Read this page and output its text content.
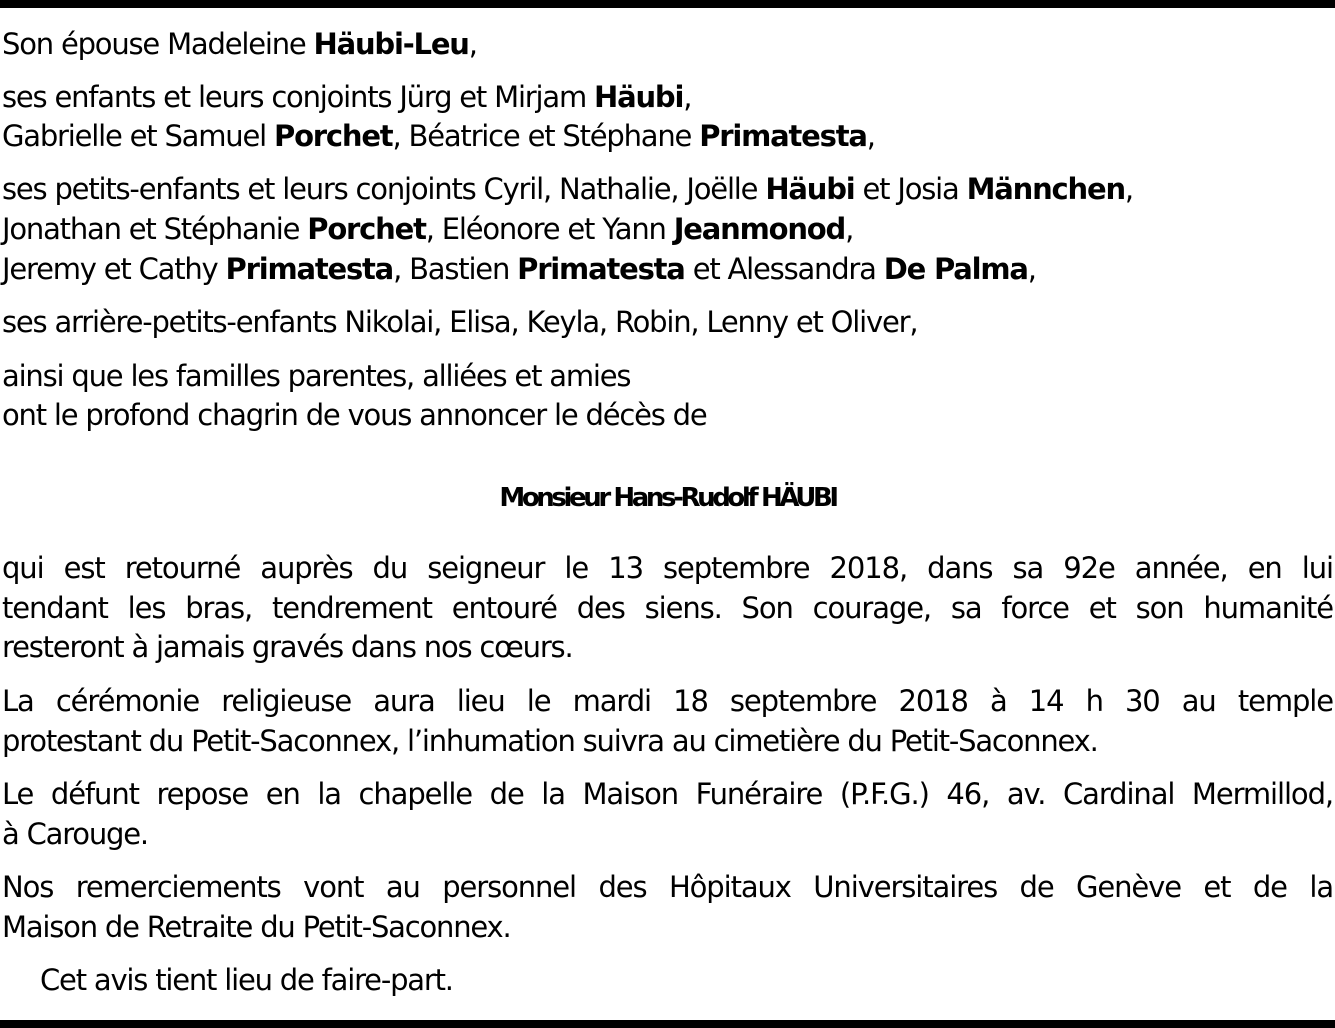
Son épouse Madeleine Häubi-Leu,
ses enfants et leurs conjoints Jürg et Mirjam Häubi,
Gabrielle et Samuel Porchet, Béatrice et Stéphane Primatesta,
ses petits-enfants et leurs conjoints Cyril, Nathalie, Joëlle Häubi et Josia Männchen,
Jonathan et Stéphanie Porchet, Eléonore et Yann Jeanmonod,
Jeremy et Cathy Primatesta, Bastien Primatesta et Alessandra De Palma,
ses arrière-petits-enfants Nikolai, Elisa, Keyla, Robin, Lenny et Oliver,
ainsi que les familles parentes, alliées et amies
ont le profond chagrin de vous annoncer le décès de
Monsieur Hans-Rudolf HÄUBI
qui est retourné auprès du seigneur le 13 septembre 2018, dans sa 92e année, en lui
tendant les bras, tendrement entouré des siens. Son courage, sa force et son humanité
resteront à jamais gravés dans nos cœurs.
La cérémonie religieuse aura lieu le mardi 18 septembre 2018 à 14 h 30 au temple
protestant du Petit-Saconnex, l’inhumation suivra au cimetière du Petit-Saconnex.
Le défunt repose en la chapelle de la Maison Funéraire (P.F.G.) 46, av. Cardinal Mermillod,
à Carouge.
Nos remerciements vont au personnel des Hôpitaux Universitaires de Genève et de la
Maison de Retraite du Petit-Saconnex.
Cet avis tient lieu de faire-part.
